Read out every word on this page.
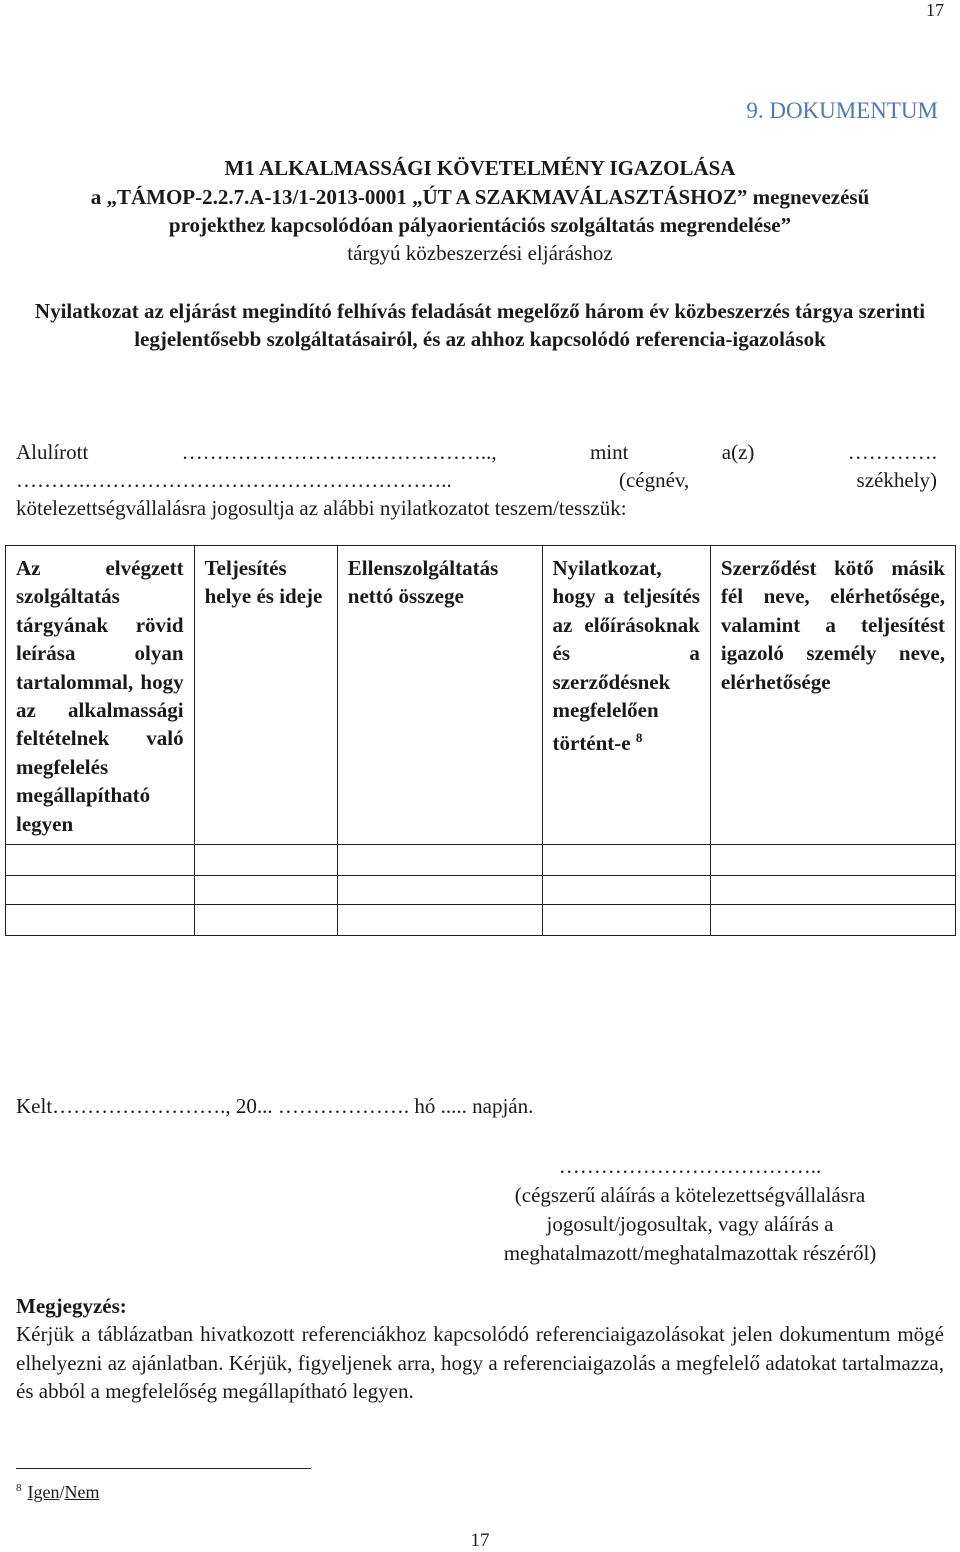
17
9. DOKUMENTUM
M1 ALKALMASSÁGI KÖVETELMÉNY IGAZOLÁSA
a „TÁMOP-2.2.7.A-13/1-2013-0001 „ÚT A SZAKMAVÁLASZTÁSHOZ” megnevezésű
projekthez kapcsolódóan pályaorientációs szolgáltatás megrendelése”
tárgyú közbeszerzési eljáráshoz
Nyilatkozat az eljárást megindító felhívás feladását megelőző három év közbeszerzés tárgya szerinti legjelentősebb szolgáltatásairól, és az ahhoz kapcsolódó referencia-igazolások
Alulírott	……………………….……………..,	mint	a(z)	………….
……….……………………………………………..	(cégnév,	székhely)
kötelezettségvállalásra jogosultja az alábbi nyilatkozatot teszem/tesszük:
Az elvégzett szolgáltatás tárgyának rövid leírása olyan tartalommal, hogy az alkalmassági feltételnek való megfelelés megállapítható legyen	Teljesítés helye és ideje	Ellenszolgáltatás nettó összege	Nyilatkozat, hogy a teljesítés az előírásoknak és a szerződésnek megfelelően történt-e $^8$	Szerződést kötő másik fél neve, elérhetősége, valamint a teljesítést igazoló személy neve, elérhetősége

Kelt……………………., 20... ………………. hó ..... napján.
………………………………..
(cégszerű aláírás a kötelezettségvállalásra
jogosult/jogosultak, vagy aláírás a
meghatalmazott/meghatalmazottak részéről)
Megjegyzés:
Kérjük a táblázatban hivatkozott referenciákhoz kapcsolódó referenciaigazolásokat jelen dokumentum mögé elhelyezni az ajánlatban. Kérjük, figyeljenek arra, hogy a referenciaigazolás a megfelelő adatokat tartalmazza, és abból a megfelelőség megállapítható legyen.
$^8$ Igen/Nem
17
